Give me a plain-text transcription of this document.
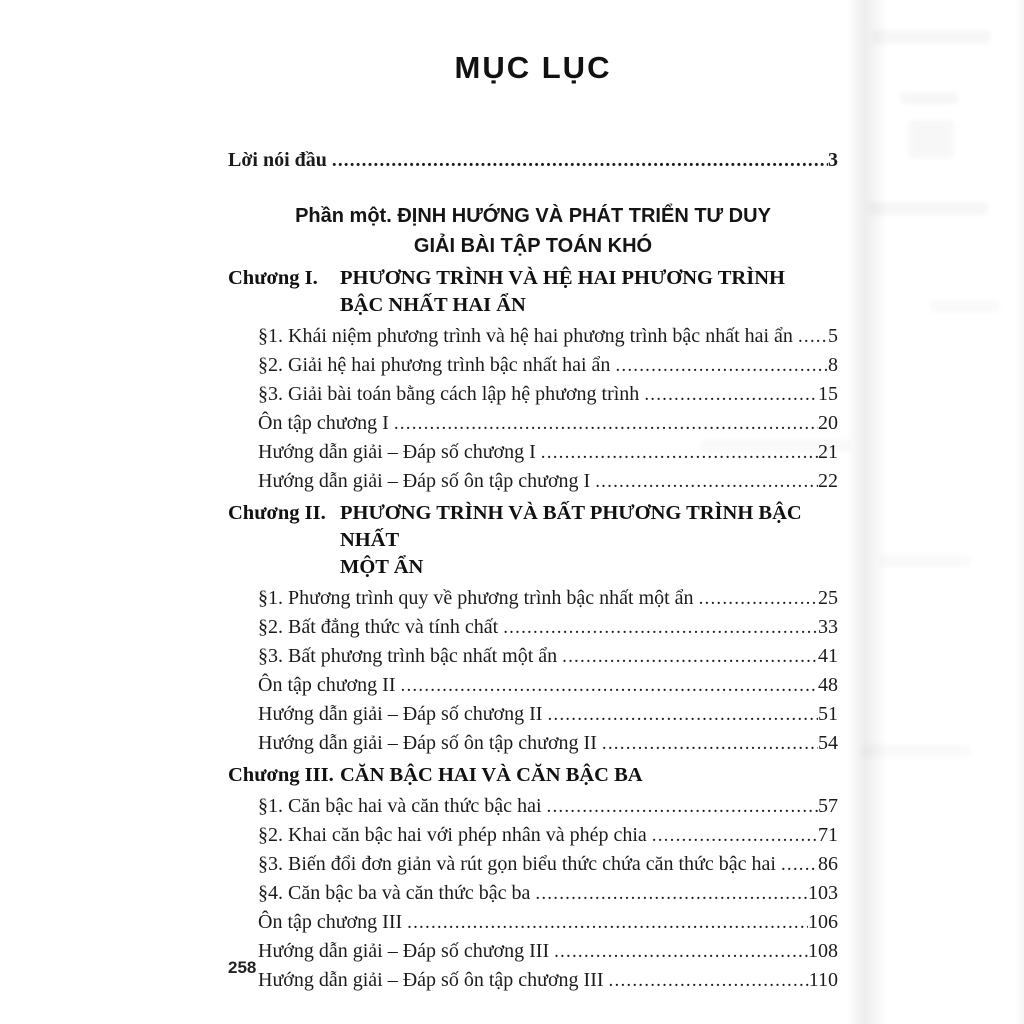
MỤC LỤC
Lời nói đầu .....	3
Phần một. ĐỊNH HƯỚNG VÀ PHÁT TRIỂN TƯ DUY
GIẢI BÀI TẬP TOÁN KHÓ
Chương I.	PHƯƠNG TRÌNH VÀ HỆ HAI PHƯƠNG TRÌNH
BẬC NHẤT HAI ẨN
§1. Khái niệm phương trình và hệ hai phương trình bậc nhất hai ẩn ..... 5
§2. Giải hệ hai phương trình bậc nhất hai ẩn .....	8
§3. Giải bài toán bằng cách lập hệ phương trình .....	15
Ôn tập chương I .....	20
Hướng dẫn giải – Đáp số chương I .....	21
Hướng dẫn giải – Đáp số ôn tập chương I .....	22
Chương II. PHƯƠNG TRÌNH VÀ BẤT PHƯƠNG TRÌNH BẬC NHẤT
MỘT ẨN
§1. Phương trình quy về phương trình bậc nhất một ẩn .....	25
§2. Bất đẳng thức và tính chất .....	33
§3. Bất phương trình bậc nhất một ẩn .....	41
Ôn tập chương II .....	48
Hướng dẫn giải – Đáp số chương II .....	51
Hướng dẫn giải – Đáp số ôn tập chương II .....	54
Chương III. CĂN BẬC HAI VÀ CĂN BẬC BA
§1. Căn bậc hai và căn thức bậc hai .....	57
§2. Khai căn bậc hai với phép nhân và phép chia .....	71
§3. Biến đổi đơn giản và rút gọn biểu thức chứa căn thức bậc hai ..... 86
§4. Căn bậc ba và căn thức bậc ba .....	103
Ôn tập chương III .....	106
Hướng dẫn giải – Đáp số chương III .....	108
Hướng dẫn giải – Đáp số ôn tập chương III .....	110
258
